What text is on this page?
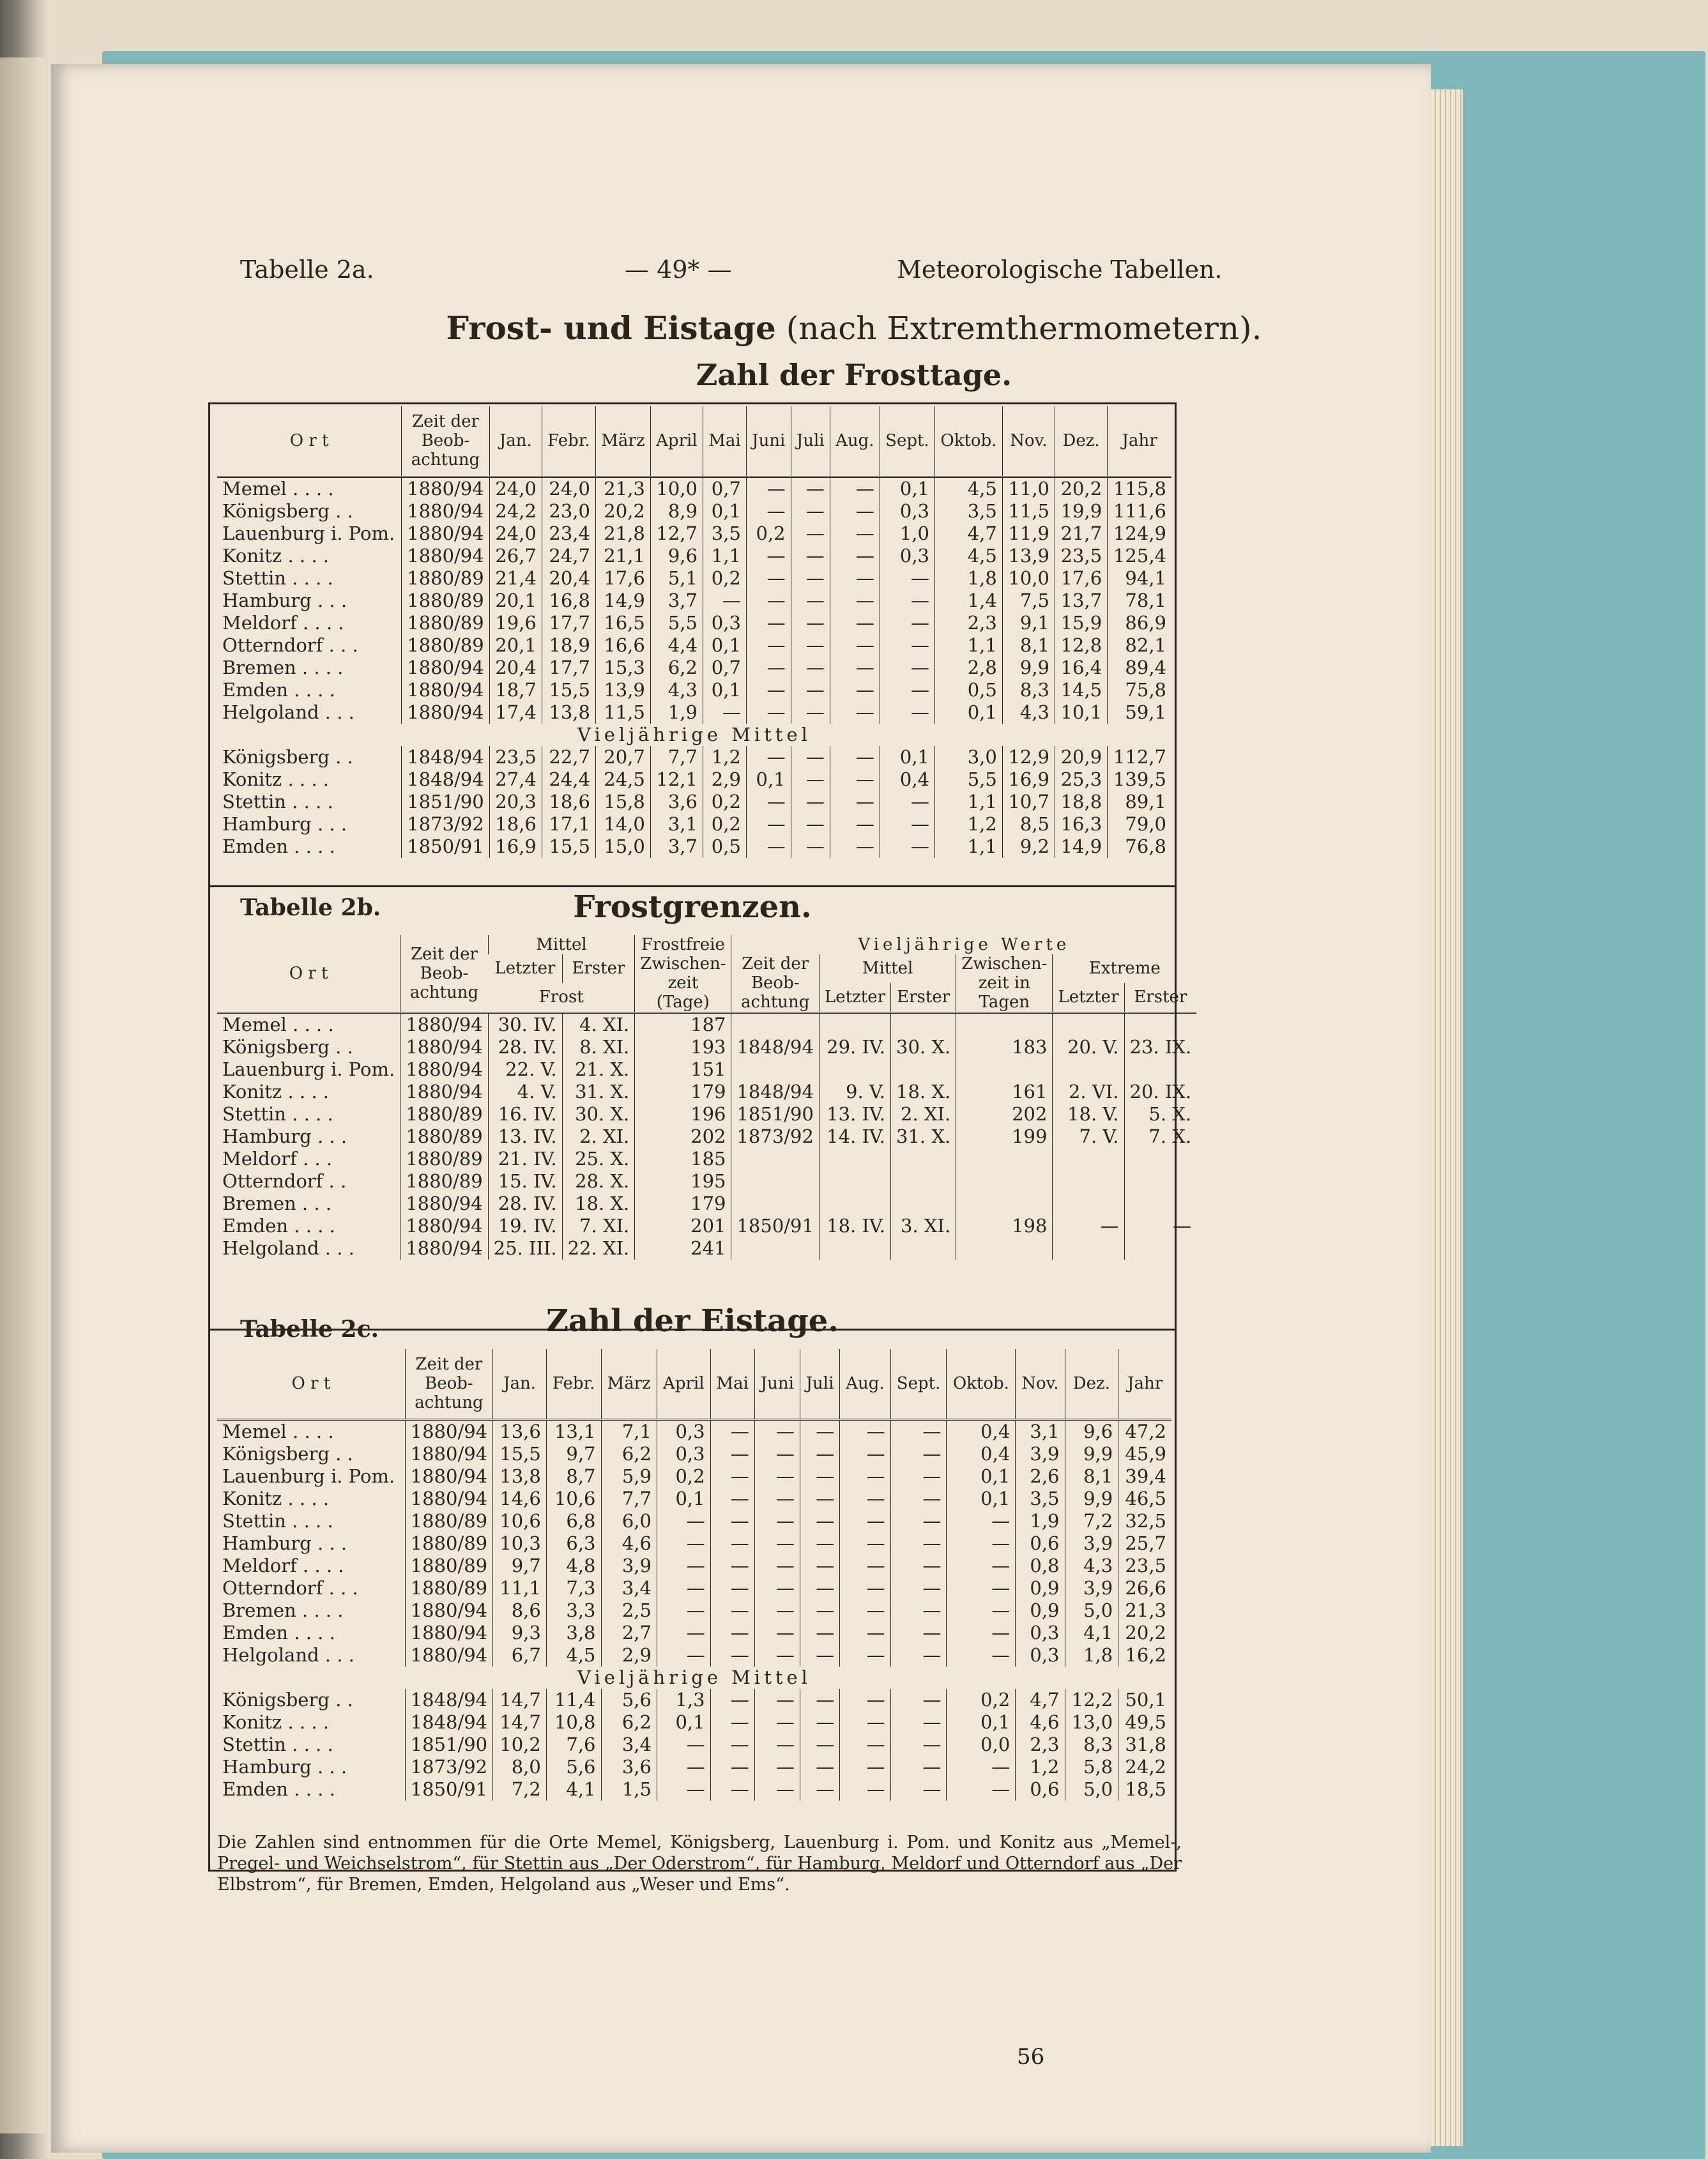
Tabelle 2a.	— 49* —	Meteorologische Tabellen.
Frost- und Eistage (nach Extremthermometern).
Zahl der Frosttage.
O r t	Zeit der Beob-achtung	Jan.	Febr.	März	April	Mai	Juni	Juli	Aug.	Sept.	Oktob.	Nov.	Dez.	Jahr
Memel . . . .	1880/94	24,0	24,0	21,3	10,0	0,7	—	—	—	0,1	4,5	11,0	20,2	115,8
Königsberg . .	1880/94	24,2	23,0	20,2	8,9	0,1	—	—	—	0,3	3,5	11,5	19,9	111,6
Lauenburg i. Pom.	1880/94	24,0	23,4	21,8	12,7	3,5	0,2	—	—	1,0	4,7	11,9	21,7	124,9
Konitz . . . .	1880/94	26,7	24,7	21,1	9,6	1,1	—	—	—	0,3	4,5	13,9	23,5	125,4
Stettin . . . .	1880/89	21,4	20,4	17,6	5,1	0,2	—	—	—	—	1,8	10,0	17,6	94,1
Hamburg . . .	1880/89	20,1	16,8	14,9	3,7	—	—	—	—	—	1,4	7,5	13,7	78,1
Meldorf . . . .	1880/89	19,6	17,7	16,5	5,5	0,3	—	—	—	—	2,3	9,1	15,9	86,9
Otterndorf . . .	1880/89	20,1	18,9	16,6	4,4	0,1	—	—	—	—	1,1	8,1	12,8	82,1
Bremen . . . .	1880/94	20,4	17,7	15,3	6,2	0,7	—	—	—	—	2,8	9,9	16,4	89,4
Emden . . . .	1880/94	18,7	15,5	13,9	4,3	0,1	—	—	—	—	0,5	8,3	14,5	75,8
Helgoland . . .	1880/94	17,4	13,8	11,5	1,9	—	—	—	—	—	0,1	4,3	10,1	59,1
Vieljährige Mittel														
Königsberg . .	1848/94	23,5	22,7	20,7	7,7	1,2	—	—	—	0,1	3,0	12,9	20,9	112,7
Konitz . . . .	1848/94	27,4	24,4	24,5	12,1	2,9	0,1	—	—	0,4	5,5	16,9	25,3	139,5
Stettin . . . .	1851/90	20,3	18,6	15,8	3,6	0,2	—	—	—	—	1,1	10,7	18,8	89,1
Hamburg . . .	1873/92	18,6	17,1	14,0	3,1	0,2	—	—	—	—	1,2	8,5	16,3	79,0
Emden . . . .	1850/91	16,9	15,5	15,0	3,7	0,5	—	—	—	—	1,1	9,2	14,9	76,8
Tabelle 2b.	Frostgrenzen.
O r t	Zeit der Beob-achtung	Mittel		Frostfreie Zwischen-zeit (Tage)	Vieljährige Werte					
		Letzter	Erster		Zeit der Beob-achtung	Mittel		Zwischen-zeit in Tagen	Extreme	
		Frost				Letzter	Erster		Letzter	Erster
Memel . . . .	1880/94	30. IV.	4. XI.	187						
Königsberg . .	1880/94	28. IV.	8. XI.	193	1848/94	29. IV.	30. X.	183	20. V.	23. IX.
Lauenburg i. Pom.	1880/94	22. V.	21. X.	151						
Konitz . . . .	1880/94	4. V.	31. X.	179	1848/94	9. V.	18. X.	161	2. VI.	20. IX.
Stettin . . . .	1880/89	16. IV.	30. X.	196	1851/90	13. IV.	2. XI.	202	18. V.	5. X.
Hamburg . . .	1880/89	13. IV.	2. XI.	202	1873/92	14. IV.	31. X.	199	7. V.	7. X.
Meldorf . . .	1880/89	21. IV.	25. X.	185						
Otterndorf . .	1880/89	15. IV.	28. X.	195						
Bremen . . .	1880/94	28. IV.	18. X.	179						
Emden . . . .	1880/94	19. IV.	7. XI.	201	1850/91	18. IV.	3. XI.	198	—	—
Helgoland . . .	1880/94	25. III.	22. XI.	241						
Tabelle 2c.	Zahl der Eistage.
O r t	Zeit der Beob-achtung	Jan.	Febr.	März	April	Mai	Juni	Juli	Aug.	Sept.	Oktob.	Nov.	Dez.	Jahr
Memel . . . .	1880/94	13,6	13,1	7,1	0,3	—	—	—	—	—	0,4	3,1	9,6	47,2
Königsberg . .	1880/94	15,5	9,7	6,2	0,3	—	—	—	—	—	0,4	3,9	9,9	45,9
Lauenburg i. Pom.	1880/94	13,8	8,7	5,9	0,2	—	—	—	—	—	0,1	2,6	8,1	39,4
Konitz . . . .	1880/94	14,6	10,6	7,7	0,1	—	—	—	—	—	0,1	3,5	9,9	46,5
Stettin . . . .	1880/89	10,6	6,8	6,0	—	—	—	—	—	—	—	1,9	7,2	32,5
Hamburg . . .	1880/89	10,3	6,3	4,6	—	—	—	—	—	—	—	0,6	3,9	25,7
Meldorf . . . .	1880/89	9,7	4,8	3,9	—	—	—	—	—	—	—	0,8	4,3	23,5
Otterndorf . . .	1880/89	11,1	7,3	3,4	—	—	—	—	—	—	—	0,9	3,9	26,6
Bremen . . . .	1880/94	8,6	3,3	2,5	—	—	—	—	—	—	—	0,9	5,0	21,3
Emden . . . .	1880/94	9,3	3,8	2,7	—	—	—	—	—	—	—	0,3	4,1	20,2
Helgoland . . .	1880/94	6,7	4,5	2,9	—	—	—	—	—	—	—	0,3	1,8	16,2
Vieljährige Mittel														
Königsberg . .	1848/94	14,7	11,4	5,6	1,3	—	—	—	—	—	0,2	4,7	12,2	50,1
Konitz . . . .	1848/94	14,7	10,8	6,2	0,1	—	—	—	—	—	0,1	4,6	13,0	49,5
Stettin . . . .	1851/90	10,2	7,6	3,4	—	—	—	—	—	—	0,0	2,3	8,3	31,8
Hamburg . . .	1873/92	8,0	5,6	3,6	—	—	—	—	—	—	—	1,2	5,8	24,2
Emden . . . .	1850/91	7,2	4,1	1,5	—	—	—	—	—	—	—	0,6	5,0	18,5
Die Zahlen sind entnommen für die Orte Memel, Königsberg, Lauenburg i. Pom. und Konitz aus „Memel-, Pregel- und Weichselstrom“, für Stettin aus „Der Oderstrom“, für Hamburg, Meldorf und Otterndorf aus „Der Elbstrom“, für Bremen, Emden, Helgoland aus „Weser und Ems“.
56
